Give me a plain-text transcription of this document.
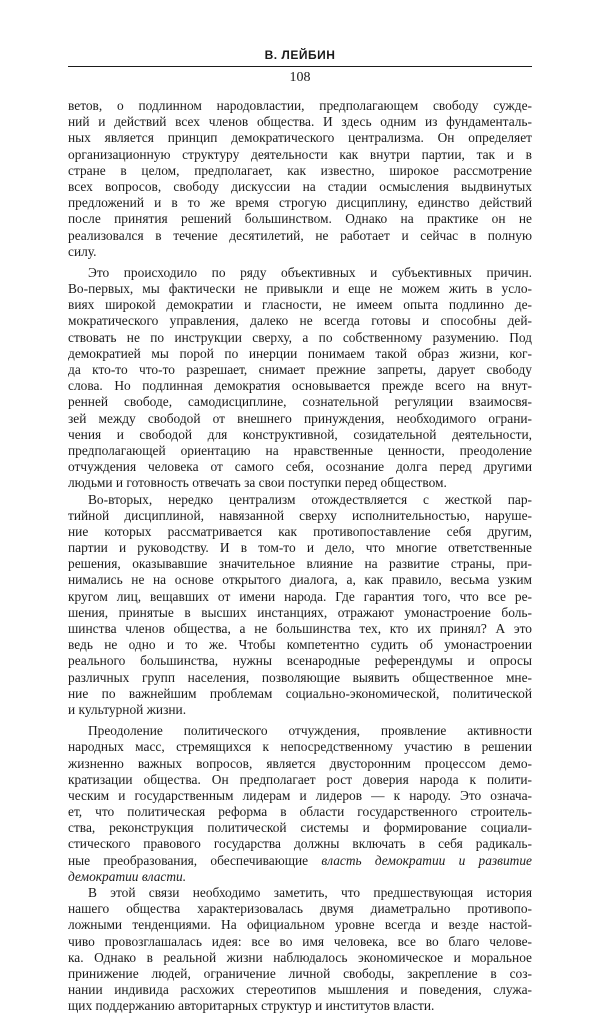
В. ЛЕЙБИН
108
ветов, о подлинном народовластии, предполагающем свободу сужде-
ний и действий всех членов общества. И здесь одним из фундаменталь-
ных является принцип демократического централизма. Он определяет
организационную структуру деятельности как внутри партии, так и в
стране в целом, предполагает, как известно, широкое рассмотрение
всех вопросов, свободу дискуссии на стадии осмысления выдвинутых
предложений и в то же время строгую дисциплину, единство действий
после принятия решений большинством. Однако на практике он не
реализовался в течение десятилетий, не работает и сейчас в полную
силу.
Это происходило по ряду объективных и субъективных причин.
Во-первых, мы фактически не привыкли и еще не можем жить в усло-
виях широкой демократии и гласности, не имеем опыта подлинно де-
мократического управления, далеко не всегда готовы и способны дей-
ствовать не по инструкции сверху, а по собственному разумению. Под
демократией мы порой по инерции понимаем такой образ жизни, ког-
да кто-то что-то разрешает, снимает прежние запреты, дарует свободу
слова. Но подлинная демократия основывается прежде всего на внут-
ренней свободе, самодисциплине, сознательной регуляции взаимосвя-
зей между свободой от внешнего принуждения, необходимого ограни-
чения и свободой для конструктивной, созидательной деятельности,
предполагающей ориентацию на нравственные ценности, преодоление
отчуждения человека от самого себя, осознание долга перед другими
людьми и готовность отвечать за свои поступки перед обществом.
Во-вторых, нередко централизм отождествляется с жесткой пар-
тийной дисциплиной, навязанной сверху исполнительностью, наруше-
ние которых рассматривается как противопоставление себя другим,
партии и руководству. И в том-то и дело, что многие ответственные
решения, оказывавшие значительное влияние на развитие страны, при-
нимались не на основе открытого диалога, а, как правило, весьма узким
кругом лиц, вещавших от имени народа. Где гарантия того, что все ре-
шения, принятые в высших инстанциях, отражают умонастроение боль-
шинства членов общества, а не большинства тех, кто их принял? А это
ведь не одно и то же. Чтобы компетентно судить об умонастроении
реального большинства, нужны всенародные референдумы и опросы
различных групп населения, позволяющие выявить общественное мне-
ние по важнейшим проблемам социально-экономической, политической
и культурной жизни.
Преодоление политического отчуждения, проявление активности
народных масс, стремящихся к непосредственному участию в решении
жизненно важных вопросов, является двусторонним процессом демо-
кратизации общества. Он предполагает рост доверия народа к полити-
ческим и государственным лидерам и лидеров — к народу. Это означа-
ет, что политическая реформа в области государственного строитель-
ства, реконструкция политической системы и формирование социали-
стического правового государства должны включать в себя радикаль-
ные преобразования, обеспечивающие власть демократии и развитие
демократии власти.
В этой связи необходимо заметить, что предшествующая история
нашего общества характеризовалась двумя диаметрально противопо-
ложными тенденциями. На официальном уровне всегда и везде настой-
чиво провозглашалась идея: все во имя человека, все во благо челове-
ка. Однако в реальной жизни наблюдалось экономическое и моральное
принижение людей, ограничение личной свободы, закрепление в соз-
нании индивида расхожих стереотипов мышления и поведения, служа-
щих поддержанию авторитарных структур и институтов власти.
